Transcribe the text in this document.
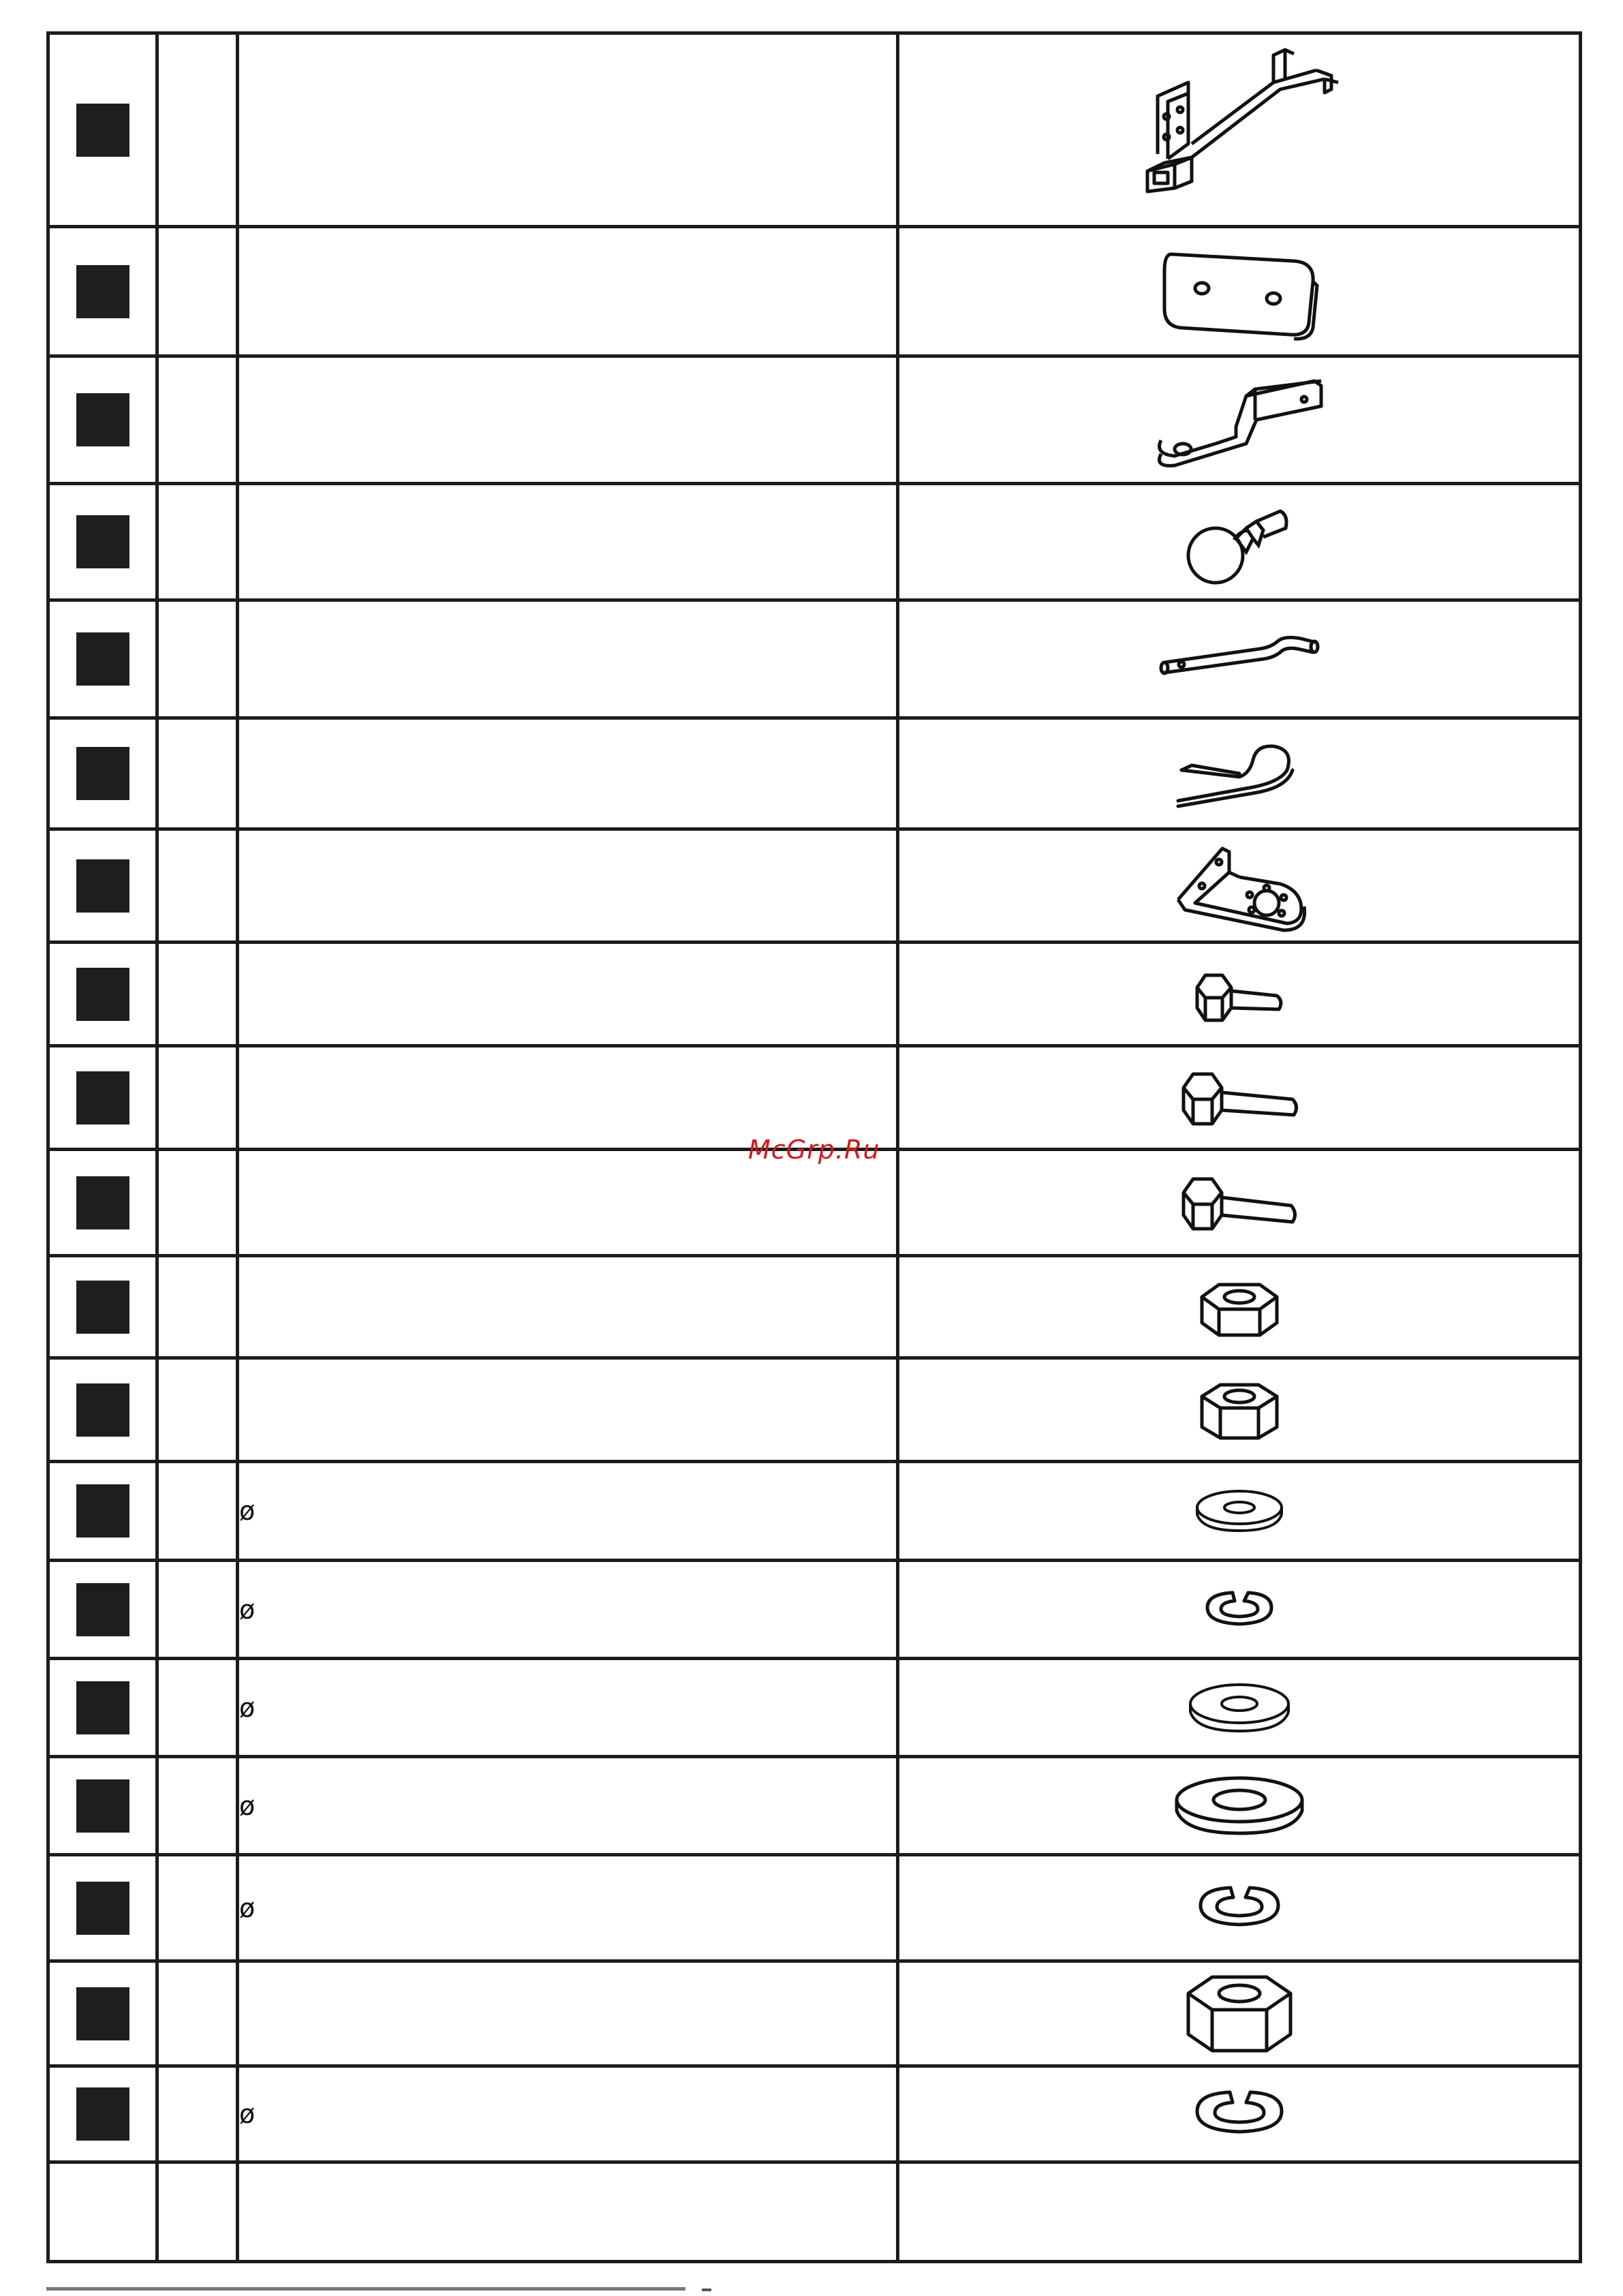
		ø	

		ø	

		ø	

		ø	

		ø	

		ø	

McGrp.Ru
